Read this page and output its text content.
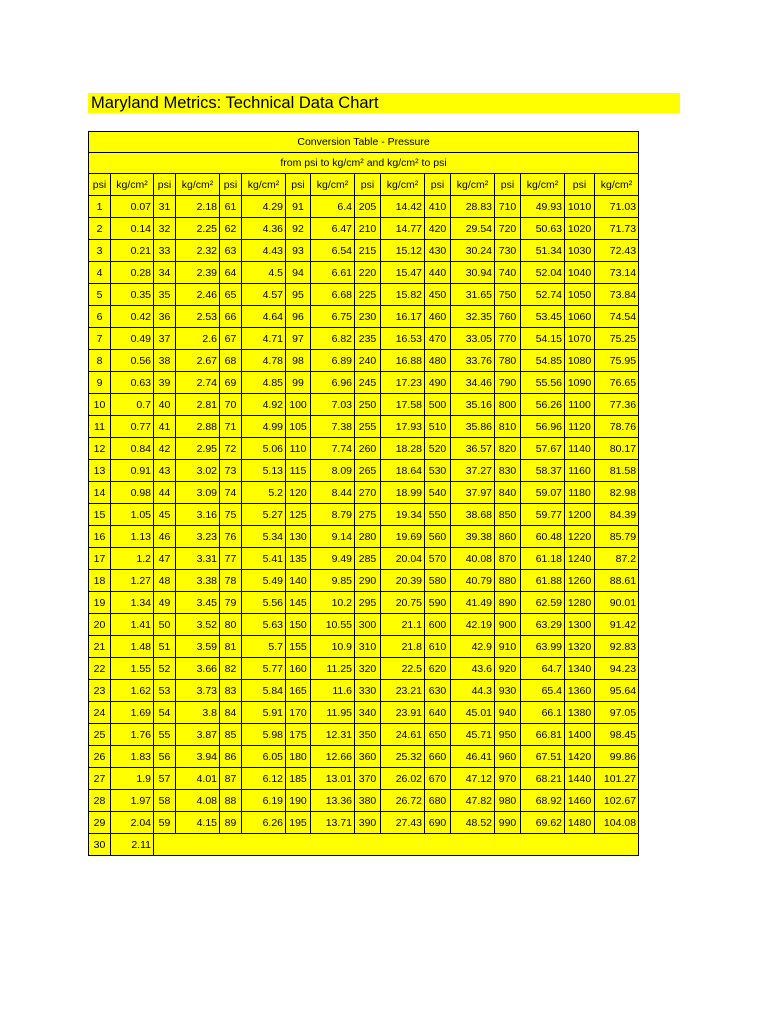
Maryland Metrics: Technical Data Chart
Conversion Table - Pressure															
from psi to kg/cm² and kg/cm² to psi															
psi	kg/cm²	psi	kg/cm²	psi	kg/cm²	psi	kg/cm²	psi	kg/cm²	psi	kg/cm²	psi	kg/cm²	psi	kg/cm²
1	0.07	31	2.18	61	4.29	91	6.4	205	14.42	410	28.83	710	49.93	1010	71.03
2	0.14	32	2.25	62	4.36	92	6.47	210	14.77	420	29.54	720	50.63	1020	71.73
3	0.21	33	2.32	63	4.43	93	6.54	215	15.12	430	30.24	730	51.34	1030	72.43
4	0.28	34	2.39	64	4.5	94	6.61	220	15.47	440	30.94	740	52.04	1040	73.14
5	0.35	35	2.46	65	4.57	95	6.68	225	15.82	450	31.65	750	52.74	1050	73.84
6	0.42	36	2.53	66	4.64	96	6.75	230	16.17	460	32.35	760	53.45	1060	74.54
7	0.49	37	2.6	67	4.71	97	6.82	235	16.53	470	33.05	770	54.15	1070	75.25
8	0.56	38	2.67	68	4.78	98	6.89	240	16.88	480	33.76	780	54.85	1080	75.95
9	0.63	39	2.74	69	4.85	99	6.96	245	17.23	490	34.46	790	55.56	1090	76.65
10	0.7	40	2.81	70	4.92	100	7.03	250	17.58	500	35.16	800	56.26	1100	77.36
11	0.77	41	2.88	71	4.99	105	7.38	255	17.93	510	35.86	810	56.96	1120	78.76
12	0.84	42	2.95	72	5.06	110	7.74	260	18.28	520	36.57	820	57.67	1140	80.17
13	0.91	43	3.02	73	5.13	115	8.09	265	18.64	530	37.27	830	58.37	1160	81.58
14	0.98	44	3.09	74	5.2	120	8.44	270	18.99	540	37.97	840	59.07	1180	82.98
15	1.05	45	3.16	75	5.27	125	8.79	275	19.34	550	38.68	850	59.77	1200	84.39
16	1.13	46	3.23	76	5.34	130	9.14	280	19.69	560	39.38	860	60.48	1220	85.79
17	1.2	47	3.31	77	5.41	135	9.49	285	20.04	570	40.08	870	61.18	1240	87.2
18	1.27	48	3.38	78	5.49	140	9.85	290	20.39	580	40.79	880	61.88	1260	88.61
19	1.34	49	3.45	79	5.56	145	10.2	295	20.75	590	41.49	890	62.59	1280	90.01
20	1.41	50	3.52	80	5.63	150	10.55	300	21.1	600	42.19	900	63.29	1300	91.42
21	1.48	51	3.59	81	5.7	155	10.9	310	21.8	610	42.9	910	63.99	1320	92.83
22	1.55	52	3.66	82	5.77	160	11.25	320	22.5	620	43.6	920	64.7	1340	94.23
23	1.62	53	3.73	83	5.84	165	11.6	330	23.21	630	44.3	930	65.4	1360	95.64
24	1.69	54	3.8	84	5.91	170	11.95	340	23.91	640	45.01	940	66.1	1380	97.05
25	1.76	55	3.87	85	5.98	175	12.31	350	24.61	650	45.71	950	66.81	1400	98.45
26	1.83	56	3.94	86	6.05	180	12.66	360	25.32	660	46.41	960	67.51	1420	99.86
27	1.9	57	4.01	87	6.12	185	13.01	370	26.02	670	47.12	970	68.21	1440	101.27
28	1.97	58	4.08	88	6.19	190	13.36	380	26.72	680	47.82	980	68.92	1460	102.67
29	2.04	59	4.15	89	6.26	195	13.71	390	27.43	690	48.52	990	69.62	1480	104.08
30	2.11														
